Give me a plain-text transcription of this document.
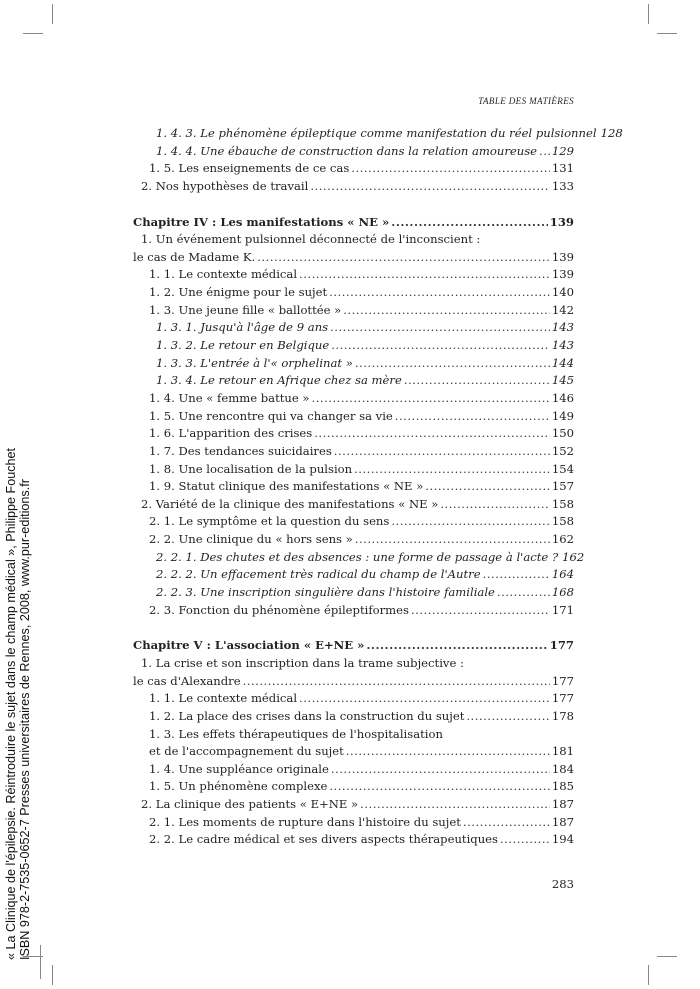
« La Clinique de l'épilepsie. Réintroduire le sujet dans le champ médical », Philippe Fouchet ISBN 978-2-7535-0652-7 Presses universitaires de Rennes, 2008, www.pur-editions.fr
TABLE DES MATIÈRES
1. 4. 3. Le phénomène épileptique comme manifestation du réel pulsionnel 128
1. 4. 4. Une ébauche de construction dans la relation amoureuse ..... 129
1. 5. Les enseignements de ce cas .....	131
2. Nos hypothèses de travail .....	133
Chapitre IV : Les manifestations « NE » .....	139
1. Un événement pulsionnel déconnecté de l'inconscient :
le cas de Madame K. .....	139
1. 1. Le contexte médical .....	139
1. 2. Une énigme pour le sujet .....	140
1. 3. Une jeune fille « ballottée » .....	142
1. 3. 1. Jusqu'à l'âge de 9 ans .....	143
1. 3. 2. Le retour en Belgique .....	143
1. 3. 3. L'entrée à l'« orphelinat » .....	144
1. 3. 4. Le retour en Afrique chez sa mère .....	145
1. 4. Une « femme battue » .....	146
1. 5. Une rencontre qui va changer sa vie .....	149
1. 6. L'apparition des crises .....	150
1. 7. Des tendances suicidaires .....	152
1. 8. Une localisation de la pulsion .....	154
1. 9. Statut clinique des manifestations « NE » .....	157
2. Variété de la clinique des manifestations « NE » .....	158
2. 1. Le symptôme et la question du sens .....	158
2. 2. Une clinique du « hors sens » .....	162
2. 2. 1. Des chutes et des absences : une forme de passage à l'acte ? 162
2. 2. 2. Un effacement très radical du champ de l'Autre .....	164
2. 2. 3. Une inscription singulière dans l'histoire familiale .....	168
2. 3. Fonction du phénomène épileptiformes .....	171
Chapitre V : L'association « E+NE » .....	177
1. La crise et son inscription dans la trame subjective :
le cas d'Alexandre .....	177
1. 1. Le contexte médical .....	177
1. 2. La place des crises dans la construction du sujet .....	178
1. 3. Les effets thérapeutiques de l'hospitalisation
et de l'accompagnement du sujet .....	181
1. 4. Une suppléance originale .....	184
1. 5. Un phénomène complexe .....	185
2. La clinique des patients « E+NE » .....	187
2. 1. Les moments de rupture dans l'histoire du sujet .....	187
2. 2. Le cadre médical et ses divers aspects thérapeutiques .....	194
283
